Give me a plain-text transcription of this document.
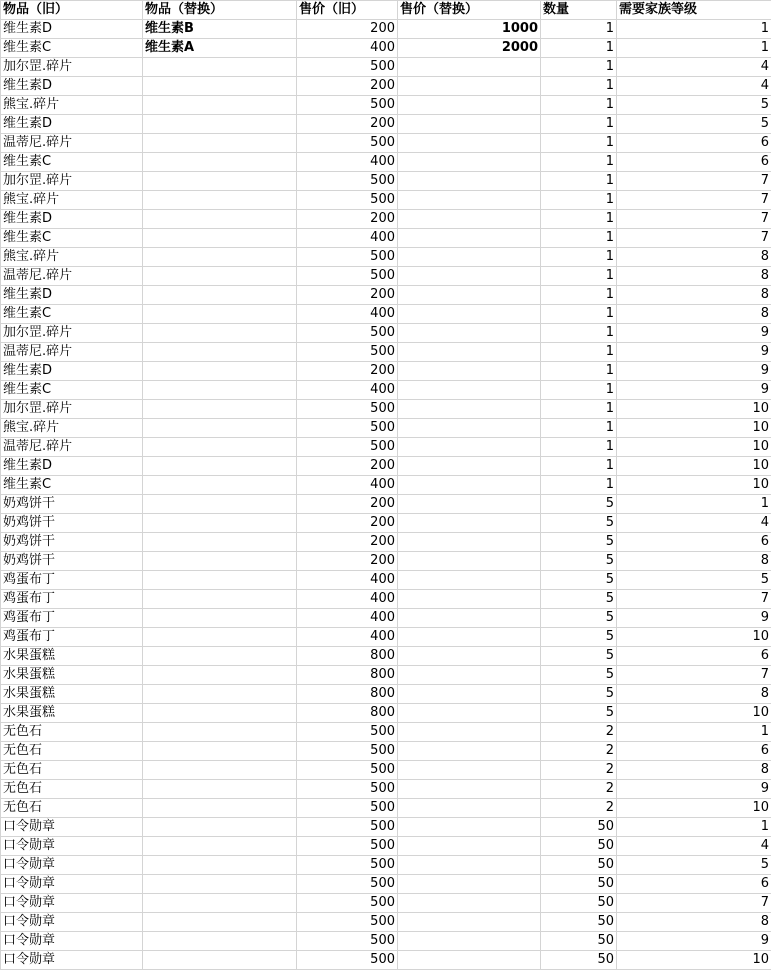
物品（旧）	物品（替换）	售价（旧）	售价（替换）	数量	需要家族等级
维生素D	维生素B	200	1000	1	1
维生素C	维生素A	400	2000	1	1
加尔罡.碎片		500		1	4
维生素D		200		1	4
熊宝.碎片		500		1	5
维生素D		200		1	5
温蒂尼.碎片		500		1	6
维生素C		400		1	6
加尔罡.碎片		500		1	7
熊宝.碎片		500		1	7
维生素D		200		1	7
维生素C		400		1	7
熊宝.碎片		500		1	8
温蒂尼.碎片		500		1	8
维生素D		200		1	8
维生素C		400		1	8
加尔罡.碎片		500		1	9
温蒂尼.碎片		500		1	9
维生素D		200		1	9
维生素C		400		1	9
加尔罡.碎片		500		1	10
熊宝.碎片		500		1	10
温蒂尼.碎片		500		1	10
维生素D		200		1	10
维生素C		400		1	10
奶鸡饼干		200		5	1
奶鸡饼干		200		5	4
奶鸡饼干		200		5	6
奶鸡饼干		200		5	8
鸡蛋布丁		400		5	5
鸡蛋布丁		400		5	7
鸡蛋布丁		400		5	9
鸡蛋布丁		400		5	10
水果蛋糕		800		5	6
水果蛋糕		800		5	7
水果蛋糕		800		5	8
水果蛋糕		800		5	10
无色石		500		2	1
无色石		500		2	6
无色石		500		2	8
无色石		500		2	9
无色石		500		2	10
口令勋章		500		50	1
口令勋章		500		50	4
口令勋章		500		50	5
口令勋章		500		50	6
口令勋章		500		50	7
口令勋章		500		50	8
口令勋章		500		50	9
口令勋章		500		50	10
